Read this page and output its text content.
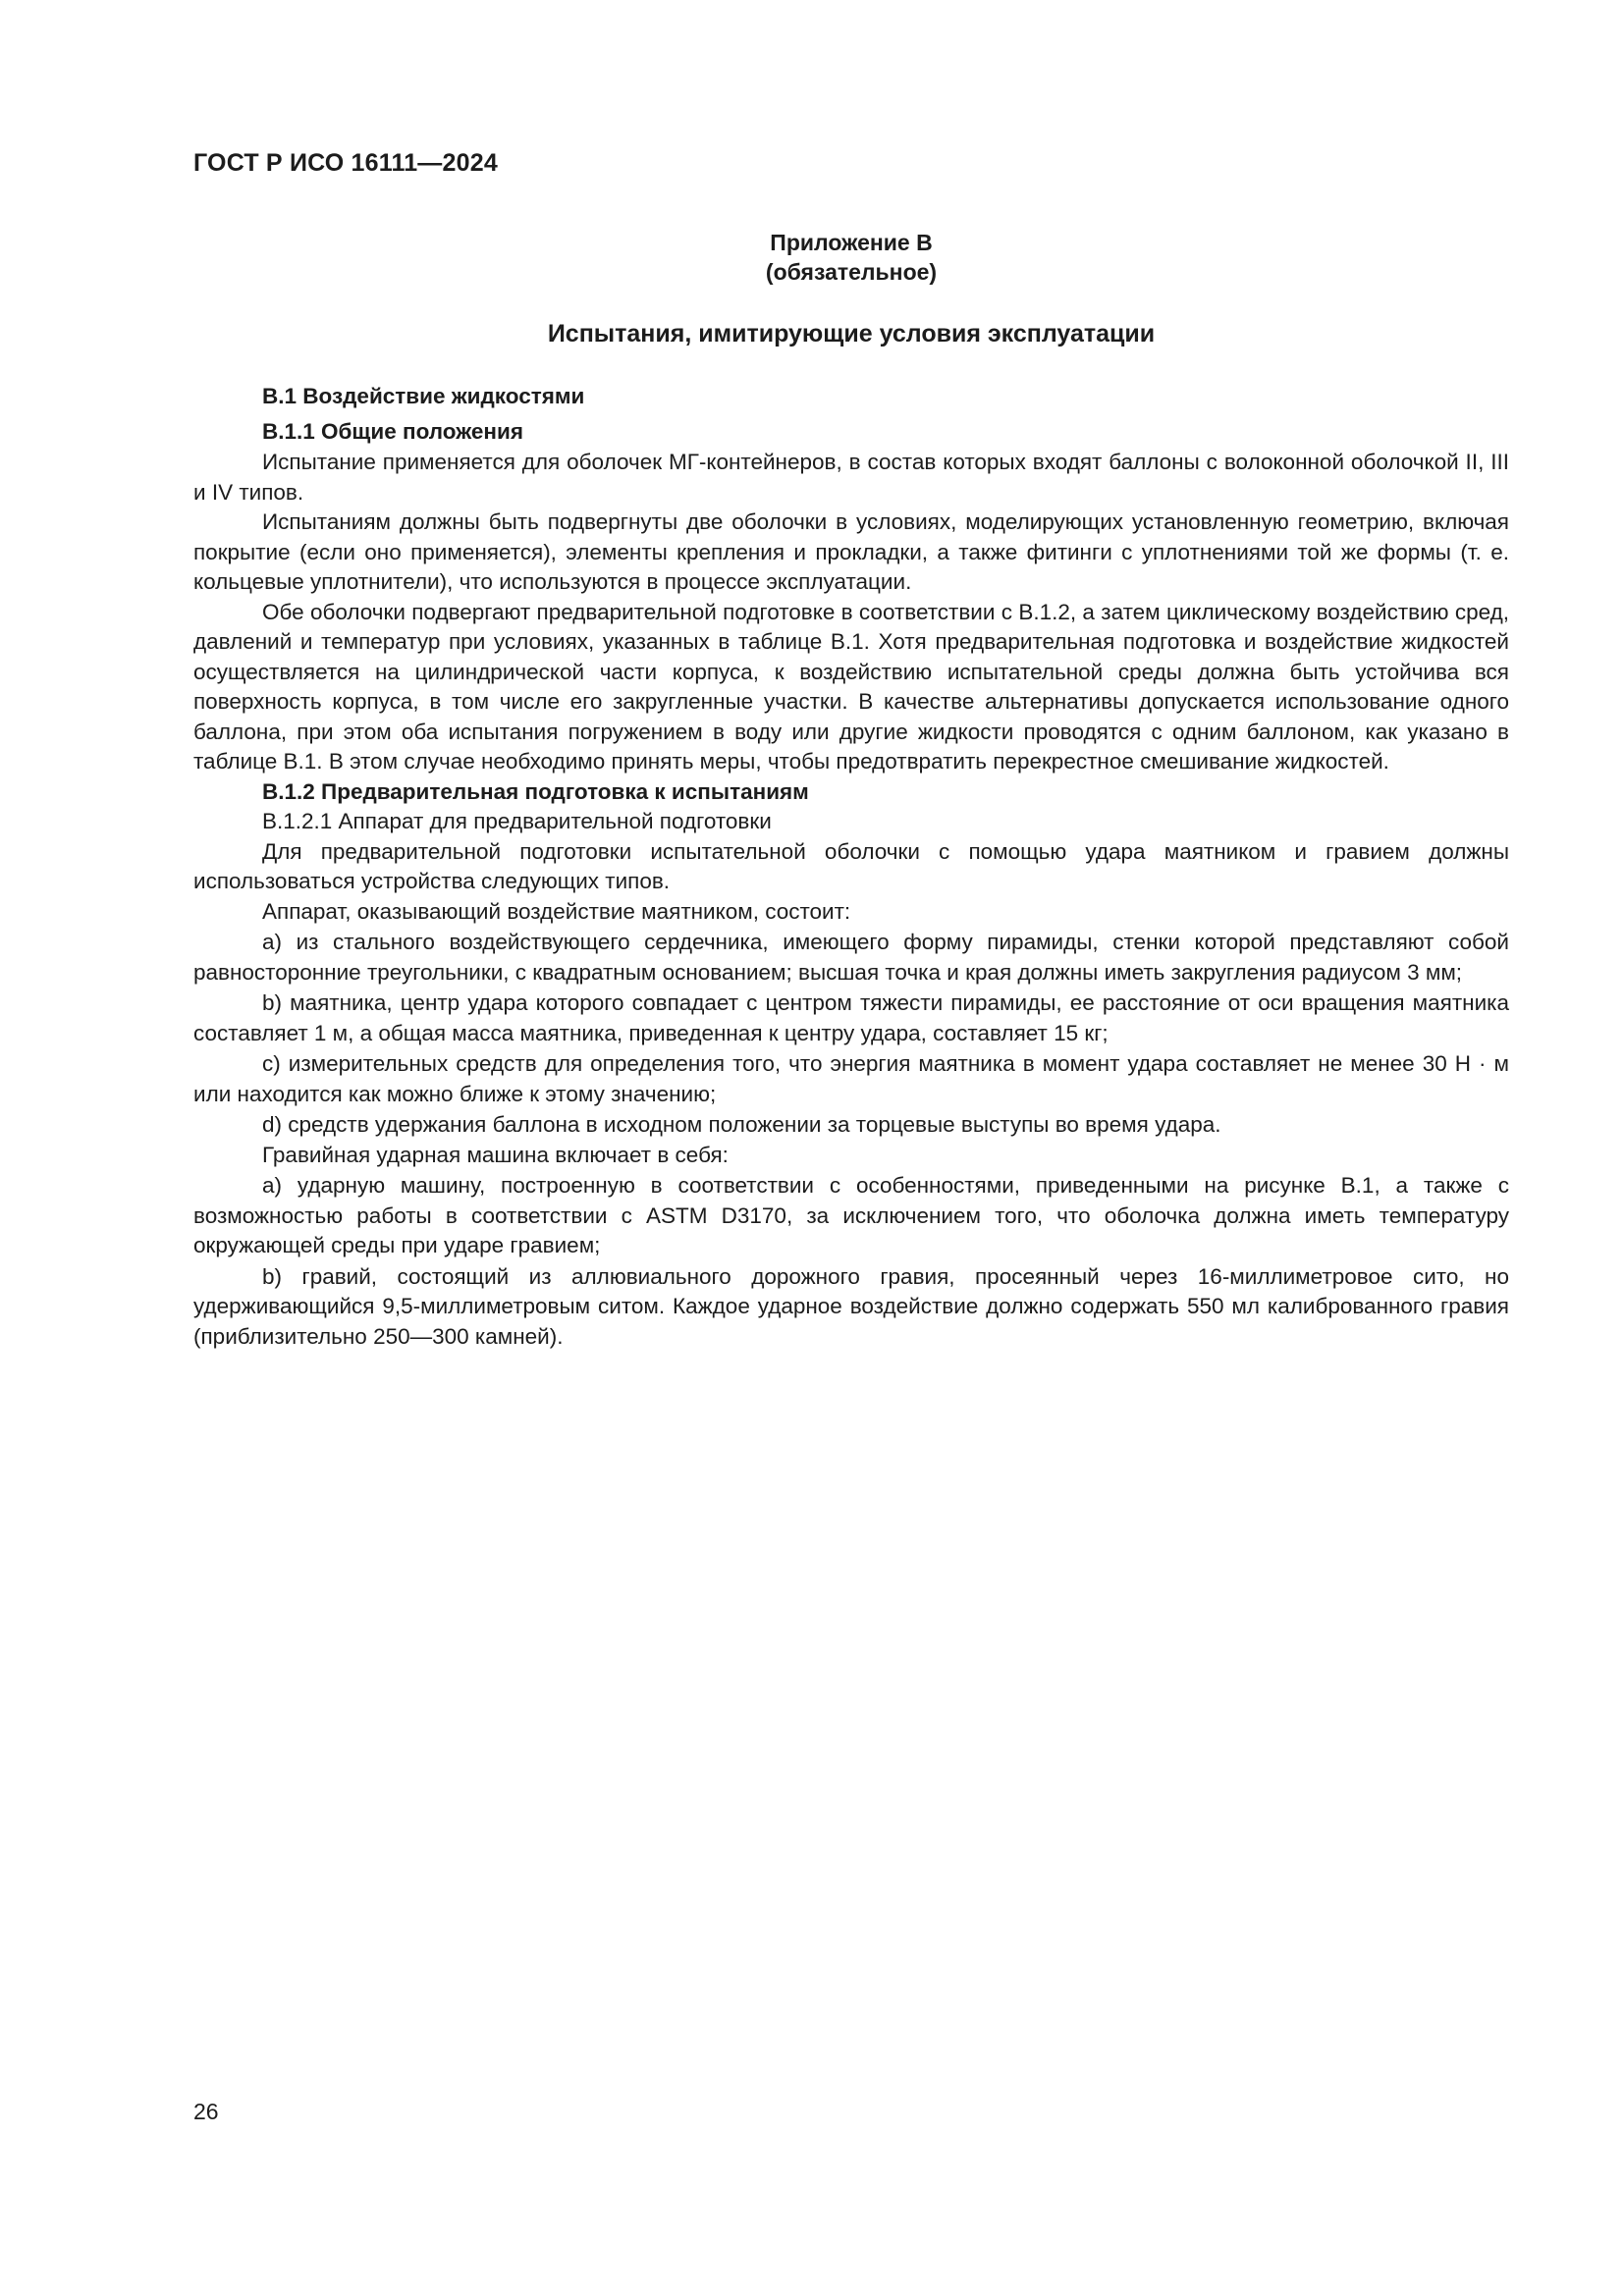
ГОСТ Р ИСО 16111—2024
Приложение В
(обязательное)
Испытания, имитирующие условия эксплуатации

В.1 Воздействие жидкостями

В.1.1 Общие положения

Испытание применяется для оболочек МГ-контейнеров, в состав которых входят баллоны с волоконной оболочкой II, III и IV типов.

Испытаниям должны быть подвергнуты две оболочки в условиях, моделирующих установленную геометрию, включая покрытие (если оно применяется), элементы крепления и прокладки, а также фитинги с уплотнениями той же формы (т. е. кольцевые уплотнители), что используются в процессе эксплуатации.

Обе оболочки подвергают предварительной подготовке в соответствии с В.1.2, а затем циклическому воздействию сред, давлений и температур при условиях, указанных в таблице В.1. Хотя предварительная подготовка и воздействие жидкостей осуществляется на цилиндрической части корпуса, к воздействию испытательной среды должна быть устойчива вся поверхность корпуса, в том числе его закругленные участки. В качестве альтернативы допускается использование одного баллона, при этом оба испытания погружением в воду или другие жидкости проводятся с одним баллоном, как указано в таблице В.1. В этом случае необходимо принять меры, чтобы предотвратить перекрестное смешивание жидкостей.

В.1.2 Предварительная подготовка к испытаниям

В.1.2.1 Аппарат для предварительной подготовки

Для предварительной подготовки испытательной оболочки с помощью удара маятником и гравием должны использоваться устройства следующих типов.

Аппарат, оказывающий воздействие маятником, состоит:

a) из стального воздействующего сердечника, имеющего форму пирамиды, стенки которой представляют собой равносторонние треугольники, с квадратным основанием; высшая точка и края должны иметь закругления радиусом 3 мм;

b) маятника, центр удара которого совпадает с центром тяжести пирамиды, ее расстояние от оси вращения маятника составляет 1 м, а общая масса маятника, приведенная к центру удара, составляет 15 кг;

c) измерительных средств для определения того, что энергия маятника в момент удара составляет не менее 30 Н · м или находится как можно ближе к этому значению;

d) средств удержания баллона в исходном положении за торцевые выступы во время удара.

Гравийная ударная машина включает в себя:

a) ударную машину, построенную в соответствии с особенностями, приведенными на рисунке В.1, а также с возможностью работы в соответствии с ASTM D3170, за исключением того, что оболочка должна иметь температуру окружающей среды при ударе гравием;

b) гравий, состоящий из аллювиального дорожного гравия, просеянный через 16-миллиметровое сито, но удерживающийся 9,5-миллиметровым ситом. Каждое ударное воздействие должно содержать 550 мл калиброванного гравия (приблизительно 250—300 камней).

26
